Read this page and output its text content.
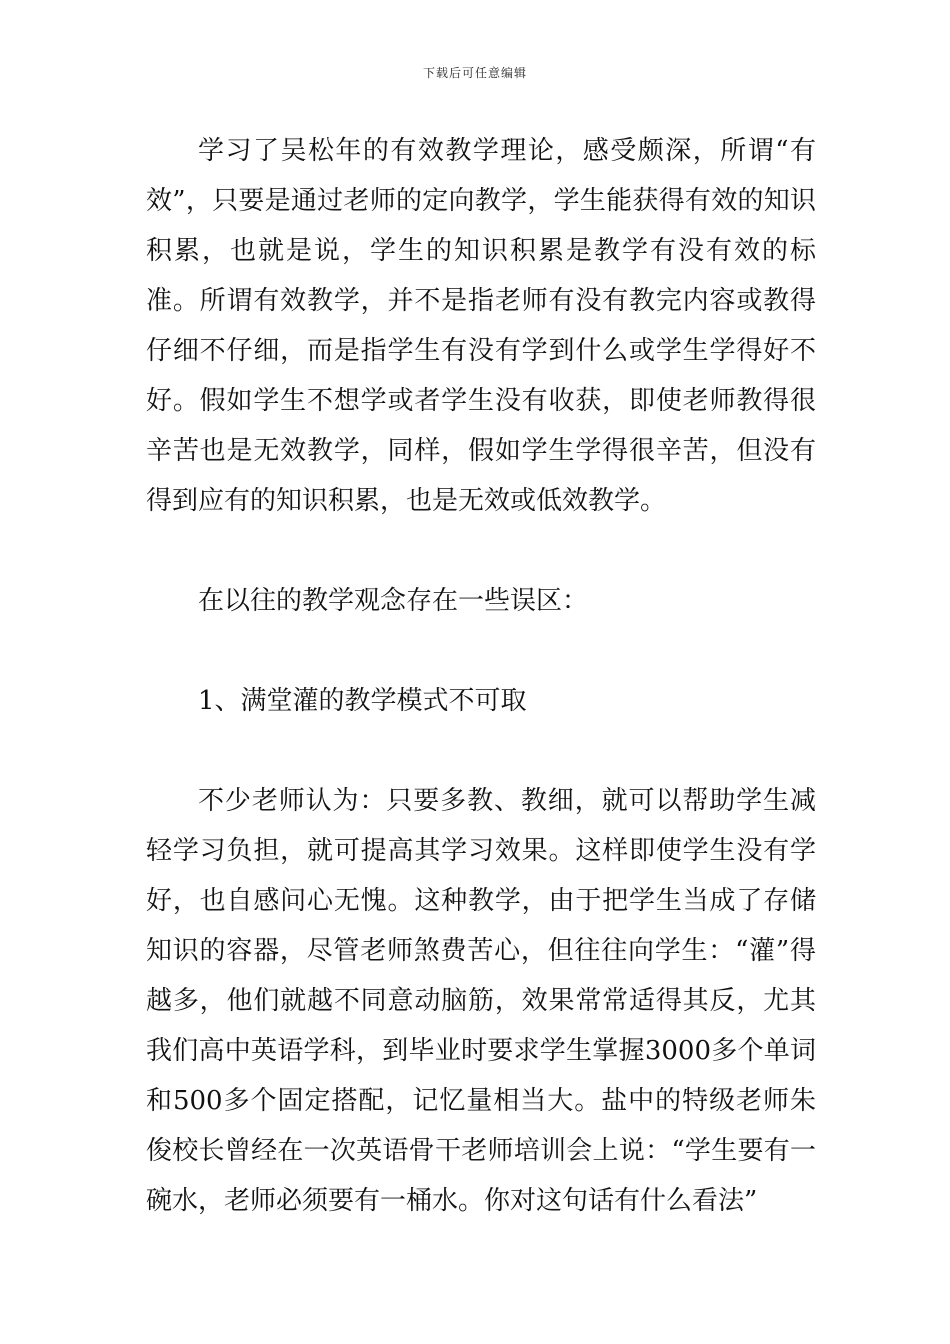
下载后可任意编辑

学习了吴松年的有效教学理论，感受颇深，所谓“有效”，只要是通过老师的定向教学，学生能获得有效的知识积累，也就是说，学生的知识积累是教学有没有效的标准。所谓有效教学，并不是指老师有没有教完内容或教得仔细不仔细，而是指学生有没有学到什么或学生学得好不好。假如学生不想学或者学生没有收获，即使老师教得很辛苦也是无效教学，同样，假如学生学得很辛苦，但没有得到应有的知识积累，也是无效或低效教学。

在以往的教学观念存在一些误区：

1、满堂灌的教学模式不可取

不少老师认为：只要多教、教细，就可以帮助学生减轻学习负担，就可提高其学习效果。这样即使学生没有学好，也自感问心无愧。这种教学，由于把学生当成了存储知识的容器，尽管老师煞费苦心，但往往向学生：“灌”得越多，他们就越不同意动脑筋，效果常常适得其反，尤其我们高中英语学科，到毕业时要求学生掌握3000多个单词和500多个固定搭配，记忆量相当大。盐中的特级老师朱俊校长曾经在一次英语骨干老师培训会上说：“学生要有一碗水，老师必须要有一桶水。你对这句话有什么看法”
